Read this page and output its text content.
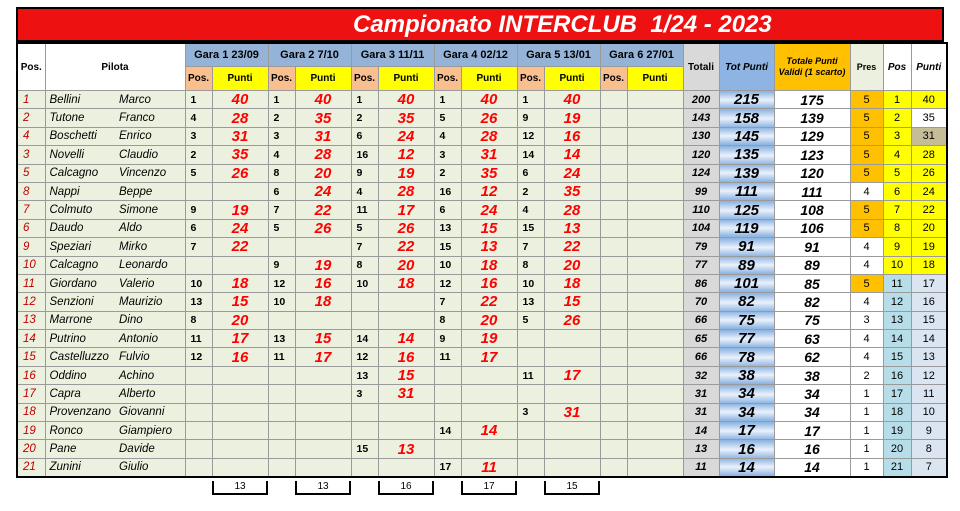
Campionato INTERCLUB  1/24 - 2023
Pos.	Pilota		Gara 1 23/09		Gara 2 7/10		Gara 3 11/11		Gara 4 02/12		Gara 5 13/01		Gara 6 27/01		Totali	Tot Punti	Totale Punti Validi (1 scarto)	Pres	Pos	Punti
			Pos.	Punti	Pos.	Punti	Pos.	Punti	Pos.	Punti	Pos.	Punti	Pos.	Punti						
1	Bellini	Marco	1	40	1	40	1	40	1	40	1	40			200	215	175	5	1	40
2	Tutone	Franco	4	28	2	35	2	35	5	26	9	19			143	158	139	5	2	35
4	Boschetti	Enrico	3	31	3	31	6	24	4	28	12	16			130	145	129	5	3	31
3	Novelli	Claudio	2	35	4	28	16	12	3	31	14	14			120	135	123	5	4	28
5	Calcagno	Vincenzo	5	26	8	20	9	19	2	35	6	24			124	139	120	5	5	26
8	Nappi	Beppe			6	24	4	28	16	12	2	35			99	111	111	4	6	24
7	Colmuto	Simone	9	19	7	22	11	17	6	24	4	28			110	125	108	5	7	22
6	Daudo	Aldo	6	24	5	26	5	26	13	15	15	13			104	119	106	5	8	20
9	Speziari	Mirko	7	22			7	22	15	13	7	22			79	91	91	4	9	19
10	Calcagno	Leonardo			9	19	8	20	10	18	8	20			77	89	89	4	10	18
11	Giordano	Valerio	10	18	12	16	10	18	12	16	10	18			86	101	85	5	11	17
12	Senzioni	Maurizio	13	15	10	18			7	22	13	15			70	82	82	4	12	16
13	Marrone	Dino	8	20					8	20	5	26			66	75	75	3	13	15
14	Putrino	Antonio	11	17	13	15	14	14	9	19					65	77	63	4	14	14
15	Castelluzzo	Fulvio	12	16	11	17	12	16	11	17					66	78	62	4	15	13
16	Oddino	Achino					13	15			11	17			32	38	38	2	16	12
17	Capra	Alberto					3	31							31	34	34	1	17	11
18	Provenzano	Giovanni									3	31			31	34	34	1	18	10
19	Ronco	Giampiero							14	14					14	17	17	1	19	9
20	Pane	Davide					15	13							13	16	16	1	20	8
21	Zunini	Giulio							17	11					11	14	14	1	21	7
13	13	16	17	15
